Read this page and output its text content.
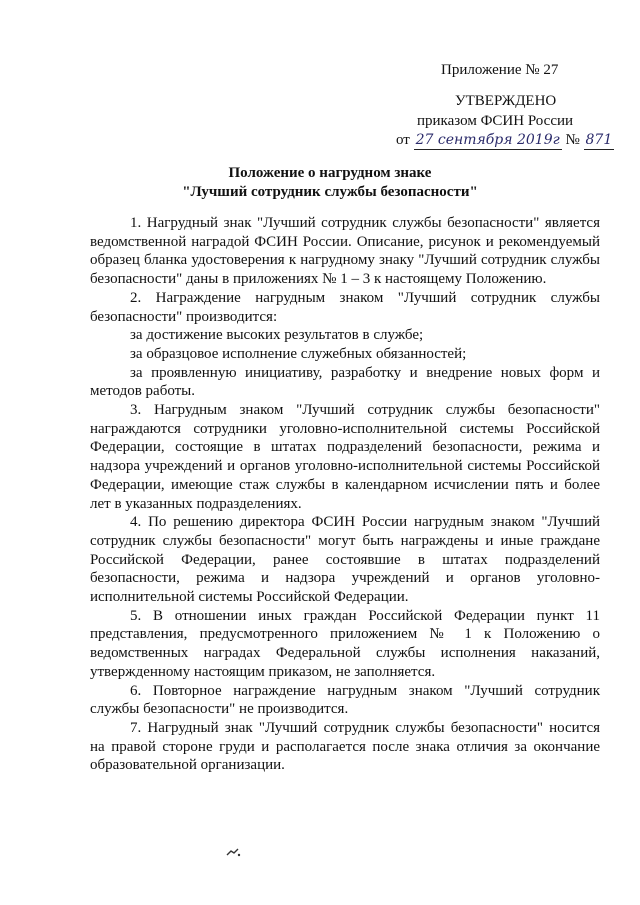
Приложение № 27
УТВЕРЖДЕНО
приказом ФСИН России
от 27 сентября 2019г № 871
Положение о нагрудном знаке
"Лучший сотрудник службы безопасности"

1. Нагрудный знак "Лучший сотрудник службы безопасности" является ведомственной наградой ФСИН России. Описание, рисунок и рекомендуемый образец бланка удостоверения к нагрудному знаку "Лучший сотрудник службы безопасности" даны в приложениях № 1 – 3 к настоящему Положению.

2. Награждение нагрудным знаком "Лучший сотрудник службы безопасности" производится:

за достижение высоких результатов в службе;

за образцовое исполнение служебных обязанностей;

за проявленную инициативу, разработку и внедрение новых форм и методов работы.

3. Нагрудным знаком "Лучший сотрудник службы безопасности" награждаются сотрудники уголовно-исполнительной системы Российской Федерации, состоящие в штатах подразделений безопасности, режима и надзора учреждений и органов уголовно-исполнительной системы Российской Федерации, имеющие стаж службы в календарном исчислении пять и более лет в указанных подразделениях.

4. По решению директора ФСИН России нагрудным знаком "Лучший сотрудник службы безопасности" могут быть награждены и иные граждане Российской Федерации, ранее состоявшие в штатах подразделений безопасности, режима и надзора учреждений и органов уголовно-исполнительной системы Российской Федерации.

5. В отношении иных граждан Российской Федерации пункт 11 представления, предусмотренного приложением № 1 к Положению о ведомственных наградах Федеральной службы исполнения наказаний, утвержденному настоящим приказом, не заполняется.

6. Повторное награждение нагрудным знаком "Лучший сотрудник службы безопасности" не производится.

7. Нагрудный знак "Лучший сотрудник службы безопасности" носится на правой стороне груди и располагается после знака отличия за окончание образовательной организации.
